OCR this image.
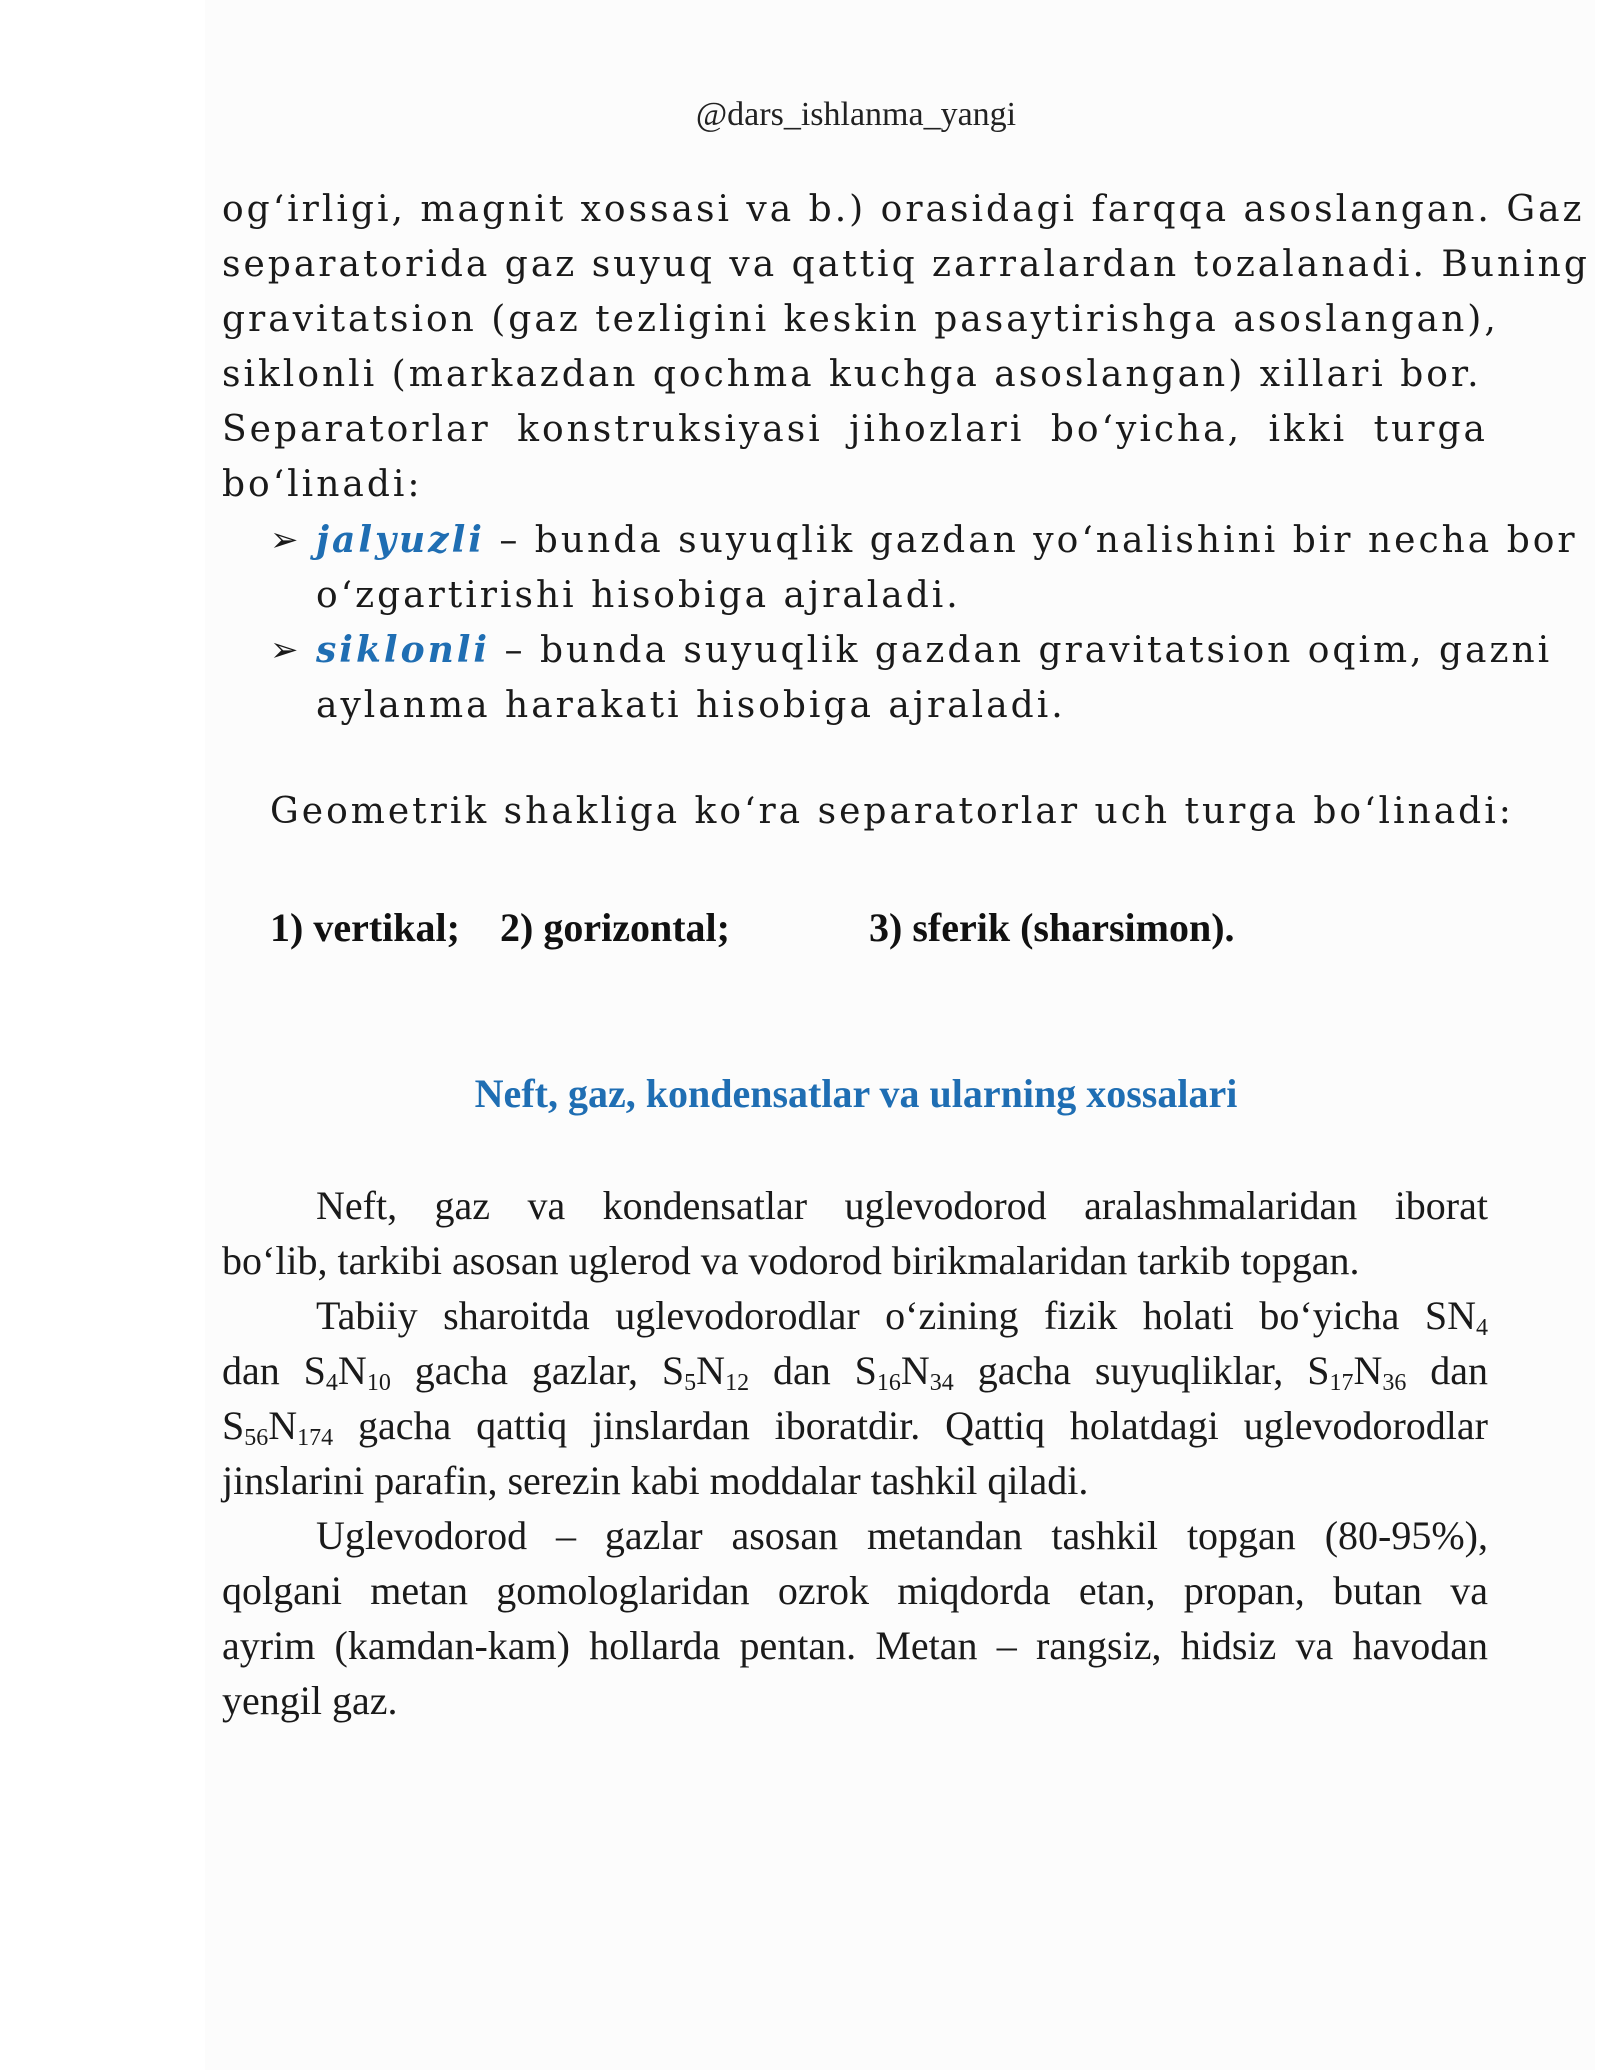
@dars_ishlanma_yangi
og‘irligi, magnit xossasi va b.) orasidagi farqqa asoslangan. Gaz
separatorida gaz suyuq va qattiq zarralardan tozalanadi. Buning
gravitatsion (gaz tezligini keskin pasaytirishga asoslangan),
siklonli (markazdan qochma kuchga asoslangan) xillari bor.
Separatorlar konstruksiyasi jihozlari bo‘yicha, ikki turga
bo‘linadi:
➢ jalyuzli – bunda suyuqlik gazdan yo‘nalishini bir necha bor
o‘zgartirishi hisobiga ajraladi.
➢ siklonli – bunda suyuqlik gazdan gravitatsion oqim, gazni
aylanma harakati hisobiga ajraladi.
Geometrik shakliga ko‘ra separatorlar uch turga bo‘linadi:
1) vertikal; 2) gorizontal;	3) sferik (sharsimon).
Neft, gaz, kondensatlar va ularning xossalari
Neft, gaz va kondensatlar uglevodorod aralashmalaridan iborat
bo‘lib, tarkibi asosan uglerod va vodorod birikmalaridan tarkib topgan.
Tabiiy sharoitda uglevodorodlar o‘zining fizik holati bo‘yicha $SN_4$
dan $S_4N_{10}$ gacha gazlar, $S_5N_{12}$ dan $S_{16}N_{34}$ gacha suyuqliklar, $S_{17}N_{36}$ dan
$S_{56}N_{174}$ gacha qattiq jinslardan iboratdir. Qattiq holatdagi uglevodorodlar
jinslarini parafin, serezin kabi moddalar tashkil qiladi.
Uglevodorod – gazlar asosan metandan tashkil topgan (80-95%),
qolgani metan gomologlaridan ozrok miqdorda etan, propan, butan va
ayrim (kamdan-kam) hollarda pentan. Metan – rangsiz, hidsiz va havodan
yengil gaz.
